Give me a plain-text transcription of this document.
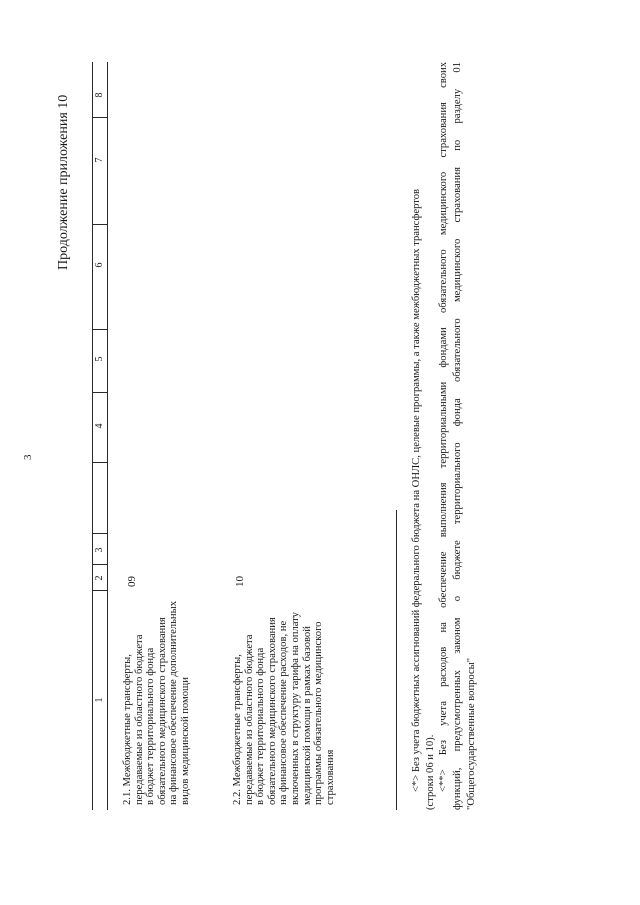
3
Продолжение приложения 10
1
2
3
4
5
6
7
8
2.1. Межбюджетные трансферты, передаваемые из областного бюджета в бюджет территориального фонда обязательного медицинского страхования на финансовое обеспечение дополнительных видов медицинской помощи
09
2.2. Межбюджетные трансферты, передаваемые из областного бюджета в бюджет территориального фонда обязательного медицинского страхования на финансовое обеспечение расходов, не включенных в структуру тарифа на оплату медицинской помощи в рамках базовой программы обязательного медицинского страхования
10	<*> Без учета бюджетных ассигнований федерального бюджета на ОНЛС, целевые программы, а также межбюджетных трансфертов (строки 06 и 10). <**> Без учета расходов на обеспечение выполнения территориальными фондами обязательного медицинского страхования своих функций, предусмотренных законом о бюджете территориального фонда обязательного медицинского страхования по разделу 01 "Общегосударственные вопросы"
